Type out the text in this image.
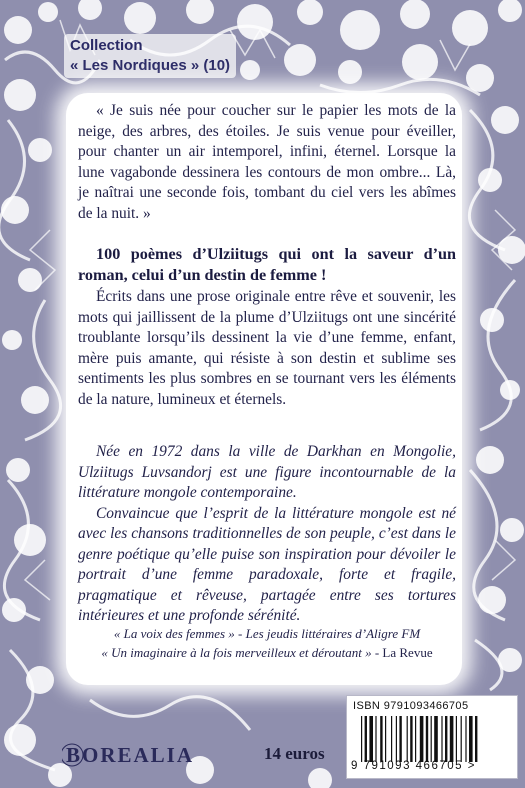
Collection
« Les Nordiques » (10)
« Je suis née pour coucher sur le papier les mots de la neige, des arbres, des étoiles. Je suis venue pour éveiller, pour chanter un air intemporel, infini, éternel. Lorsque la lune vagabonde dessinera les contours de mon ombre... Là, je naîtrai une seconde fois, tombant du ciel vers les abîmes de la nuit. »
100 poèmes d’Ulziitugs qui ont la saveur d’un roman, celui d’un destin de femme !
Écrits dans une prose originale entre rêve et souvenir, les mots qui jaillissent de la plume d’Ulziitugs ont une sincérité troublante lorsqu’ils dessinent la vie d’une femme, enfant, mère puis amante, qui résiste à son destin et sublime ses sentiments les plus sombres en se tournant vers les éléments de la nature, lumineux et éternels.

Née en 1972 dans la ville de Darkhan en Mongolie, Ulziitugs Luvsandorj est une figure incontournable de la littérature mongole contemporaine.

Convaincue que l’esprit de la littérature mongole est né avec les chansons traditionnelles de son peuple, c’est dans le genre poétique qu’elle puise son inspiration pour dévoiler le portrait d’une femme paradoxale, forte et fragile, pragmatique et rêveuse, partagée entre ses tortures intérieures et une profonde sérénité.

« La voix des femmes » - Les jeudis littéraires d’Aligre FM
« Un imaginaire à la fois merveilleux et déroutant » - La Revue
BOREALIA	14 euros
ISBN 9791093466705
9 791093 466705 >
